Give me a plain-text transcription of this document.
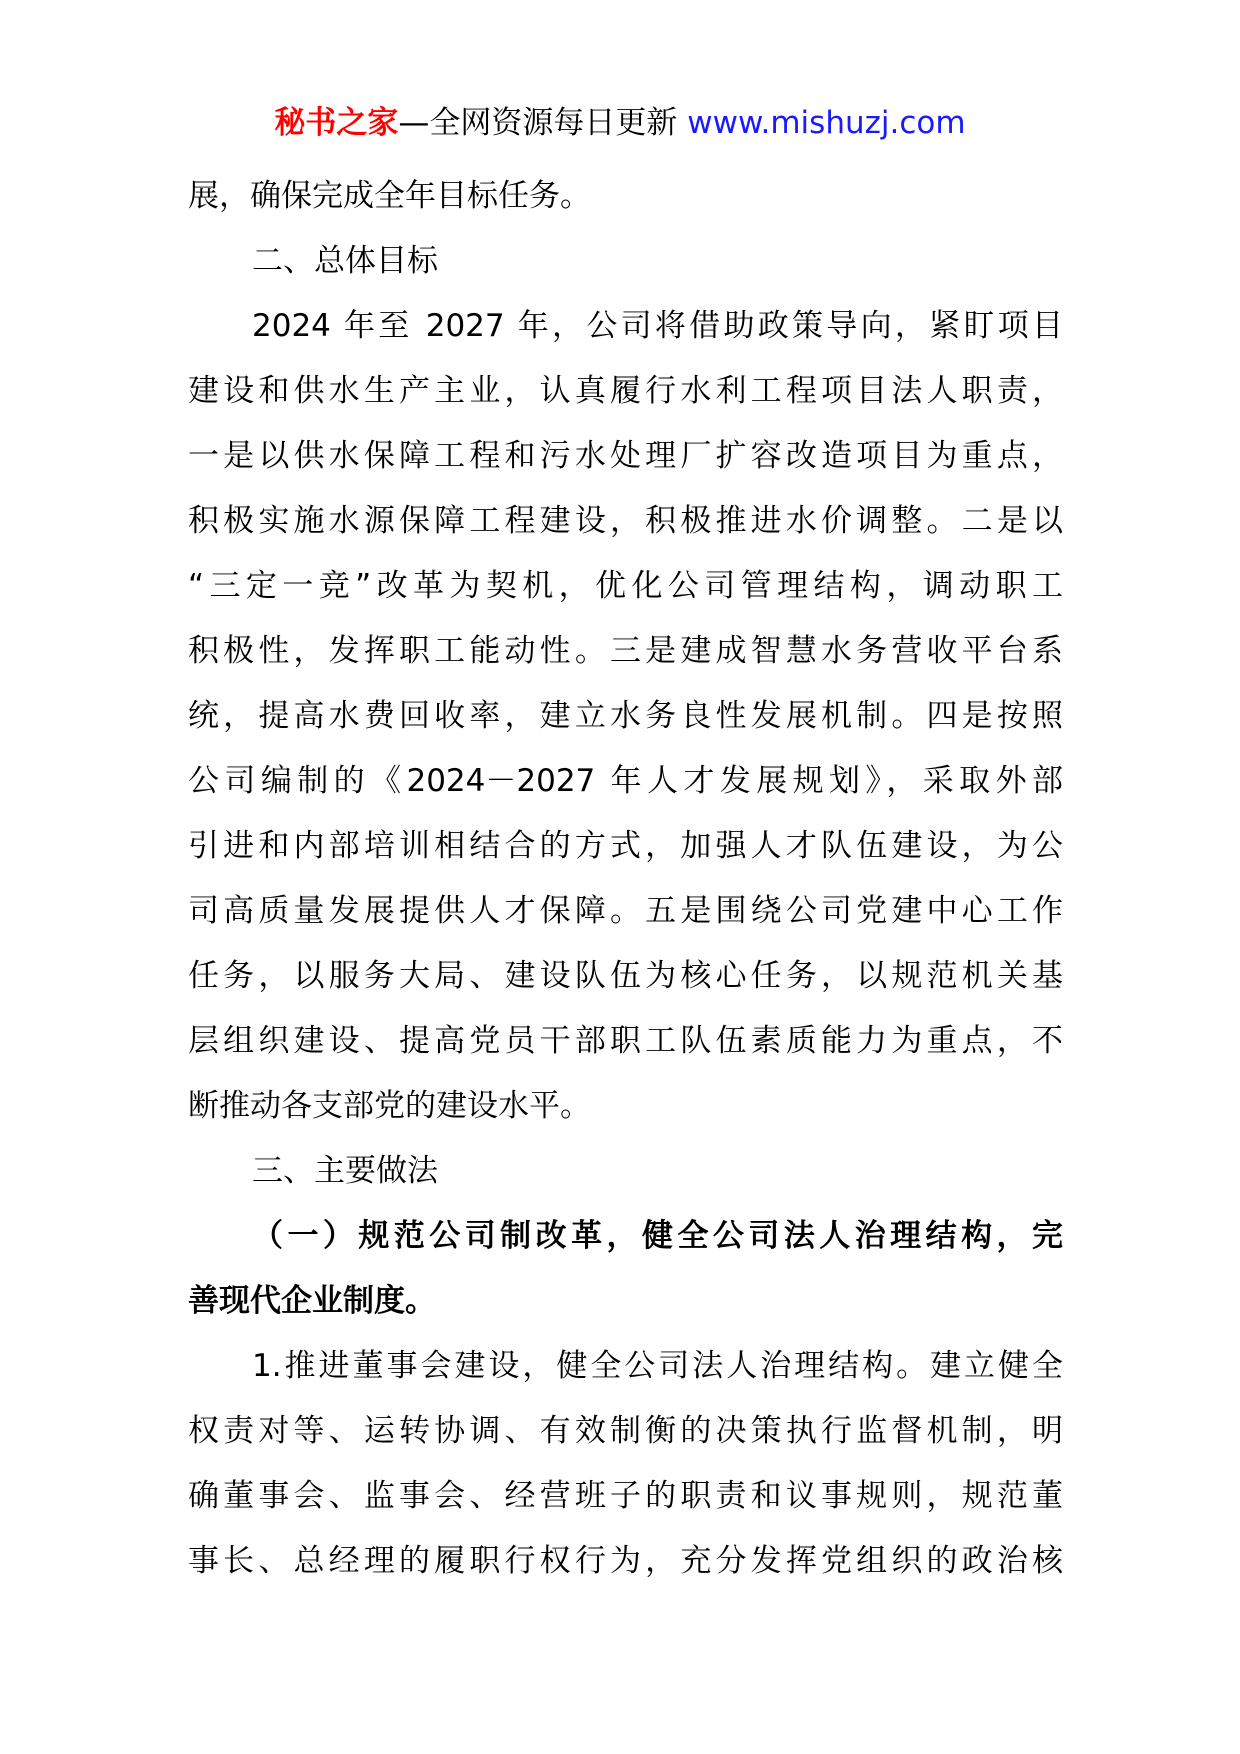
秘书之家—全网资源每日更新 www.mishuzj.com
展，确保完成全年目标任务。
二、总体目标
2024 年至 2027 年，公司将借助政策导向，紧盯项目
建设和供水生产主业，认真履行水利工程项目法人职责，
一是以供水保障工程和污水处理厂扩容改造项目为重点，
积极实施水源保障工程建设，积极推进水价调整。二是以
“三定一竞”改革为契机，优化公司管理结构，调动职工
积极性，发挥职工能动性。三是建成智慧水务营收平台系
统，提高水费回收率，建立水务良性发展机制。四是按照
公司编制的《2024－2027 年人才发展规划》，采取外部
引进和内部培训相结合的方式，加强人才队伍建设，为公
司高质量发展提供人才保障。五是围绕公司党建中心工作
任务，以服务大局、建设队伍为核心任务，以规范机关基
层组织建设、提高党员干部职工队伍素质能力为重点，不
断推动各支部党的建设水平。
三、主要做法
（一）规范公司制改革，健全公司法人治理结构，完
善现代企业制度。
1.推进董事会建设，健全公司法人治理结构。建立健全
权责对等、运转协调、有效制衡的决策执行监督机制，明
确董事会、监事会、经营班子的职责和议事规则，规范董
事长、总经理的履职行权行为，充分发挥党组织的政治核
